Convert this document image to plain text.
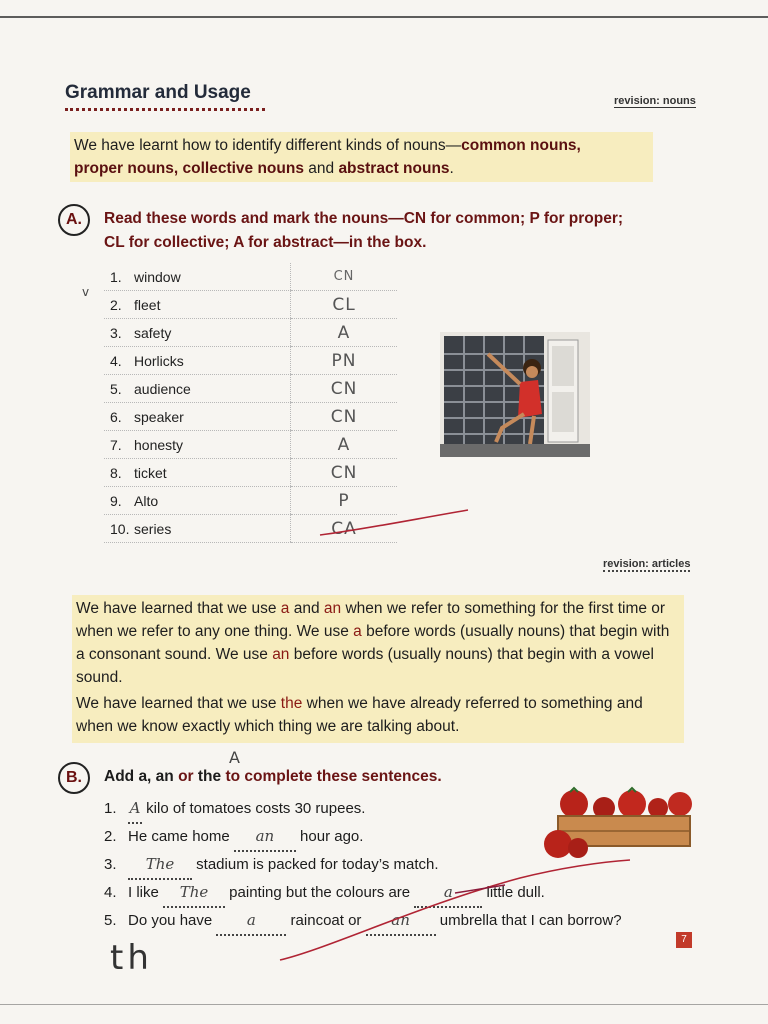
Grammar and Usage	revision: nouns
We have learnt how to identify different kinds of nouns—common nouns,
proper nouns, collective nouns and abstract nouns.
A.	Read these words and mark the nouns—CN for common; P for proper;
CL for collective; A for abstract—in the box.
v
1. window	CN
2. fleet	CL
3. safety	A
4. Horlicks	PN
5. audience	CN
6. speaker	CN
7. honesty	A
8. ticket	CN
9. Alto	P
10. series	CA
revision: articles

We have learned that we use a and an when we refer to something for the first time or when we refer to any one thing. We use a before words (usually nouns) that begin with a consonant sound. We use an before words (usually nouns) that begin with a vowel sound.

We have learned that we use the when we have already referred to something and when we know exactly which thing we are talking about.

A
B.	Add a, an or the to complete these sentences.
1. A kilo of tomatoes costs 30 rupees.
2. He came home an hour ago.
3. The stadium is packed for today’s match.
4. I like The painting but the colours are a little dull.
5. Do you have a raincoat or an umbrella that I can borrow?
7
th
